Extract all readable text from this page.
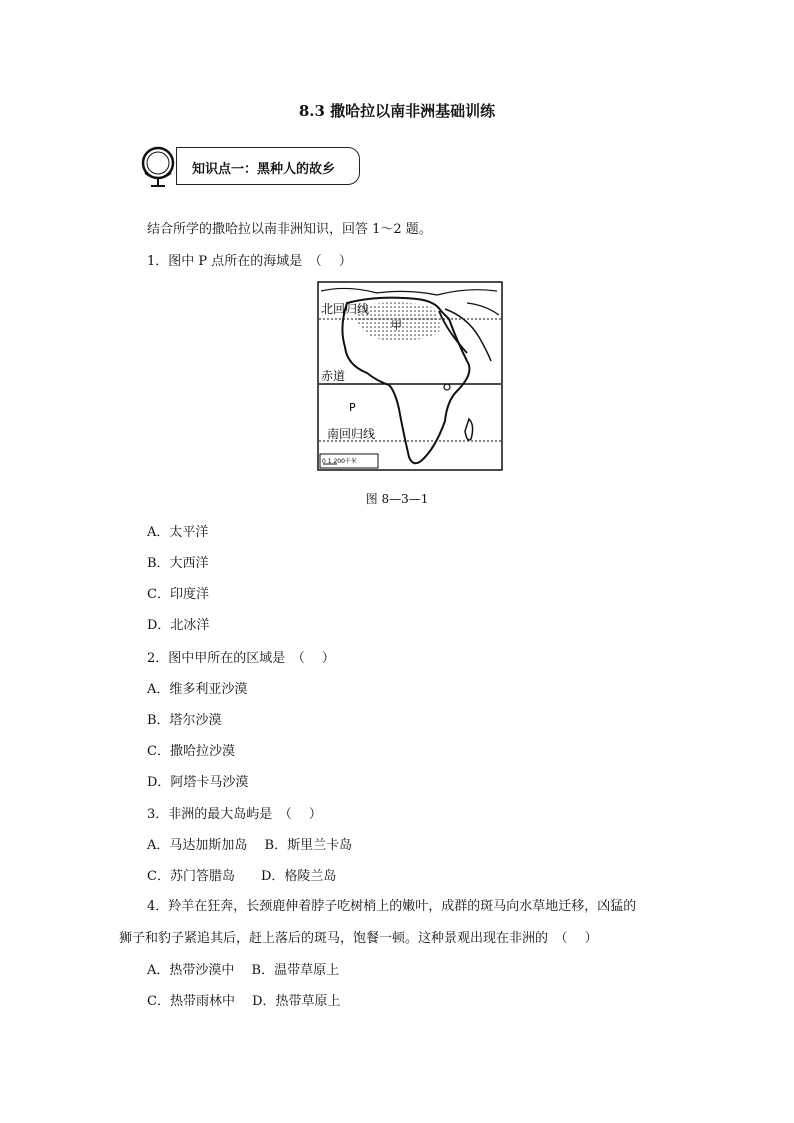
8.3 撒哈拉以南非洲基础训练
知识点一：黑种人的故乡
结合所学的撒哈拉以南非洲知识，回答 1～2 题。
1．图中 P 点所在的海域是　（　 ）
北回归线
甲
赤道
P
南回归线
0 1 200千米
图 8—3—1
A．太平洋
B．大西洋
C．印度洋
D．北冰洋
2．图中甲所在的区域是　（　 ）
A．维多利亚沙漠
B．塔尔沙漠
C．撒哈拉沙漠
D．阿塔卡马沙漠
3．非洲的最大岛屿是　（　 ）
A．马达加斯加岛　 B．斯里兰卡岛
C．苏门答腊岛　　D．格陵兰岛
4．羚羊在狂奔，长颈鹿伸着脖子吃树梢上的嫩叶，成群的斑马向水草地迁移，凶猛的
狮子和豹子紧追其后，赶上落后的斑马，饱餐一顿。这种景观出现在非洲的　（　 ）
A．热带沙漠中　 B．温带草原上
C．热带雨林中　 D．热带草原上
